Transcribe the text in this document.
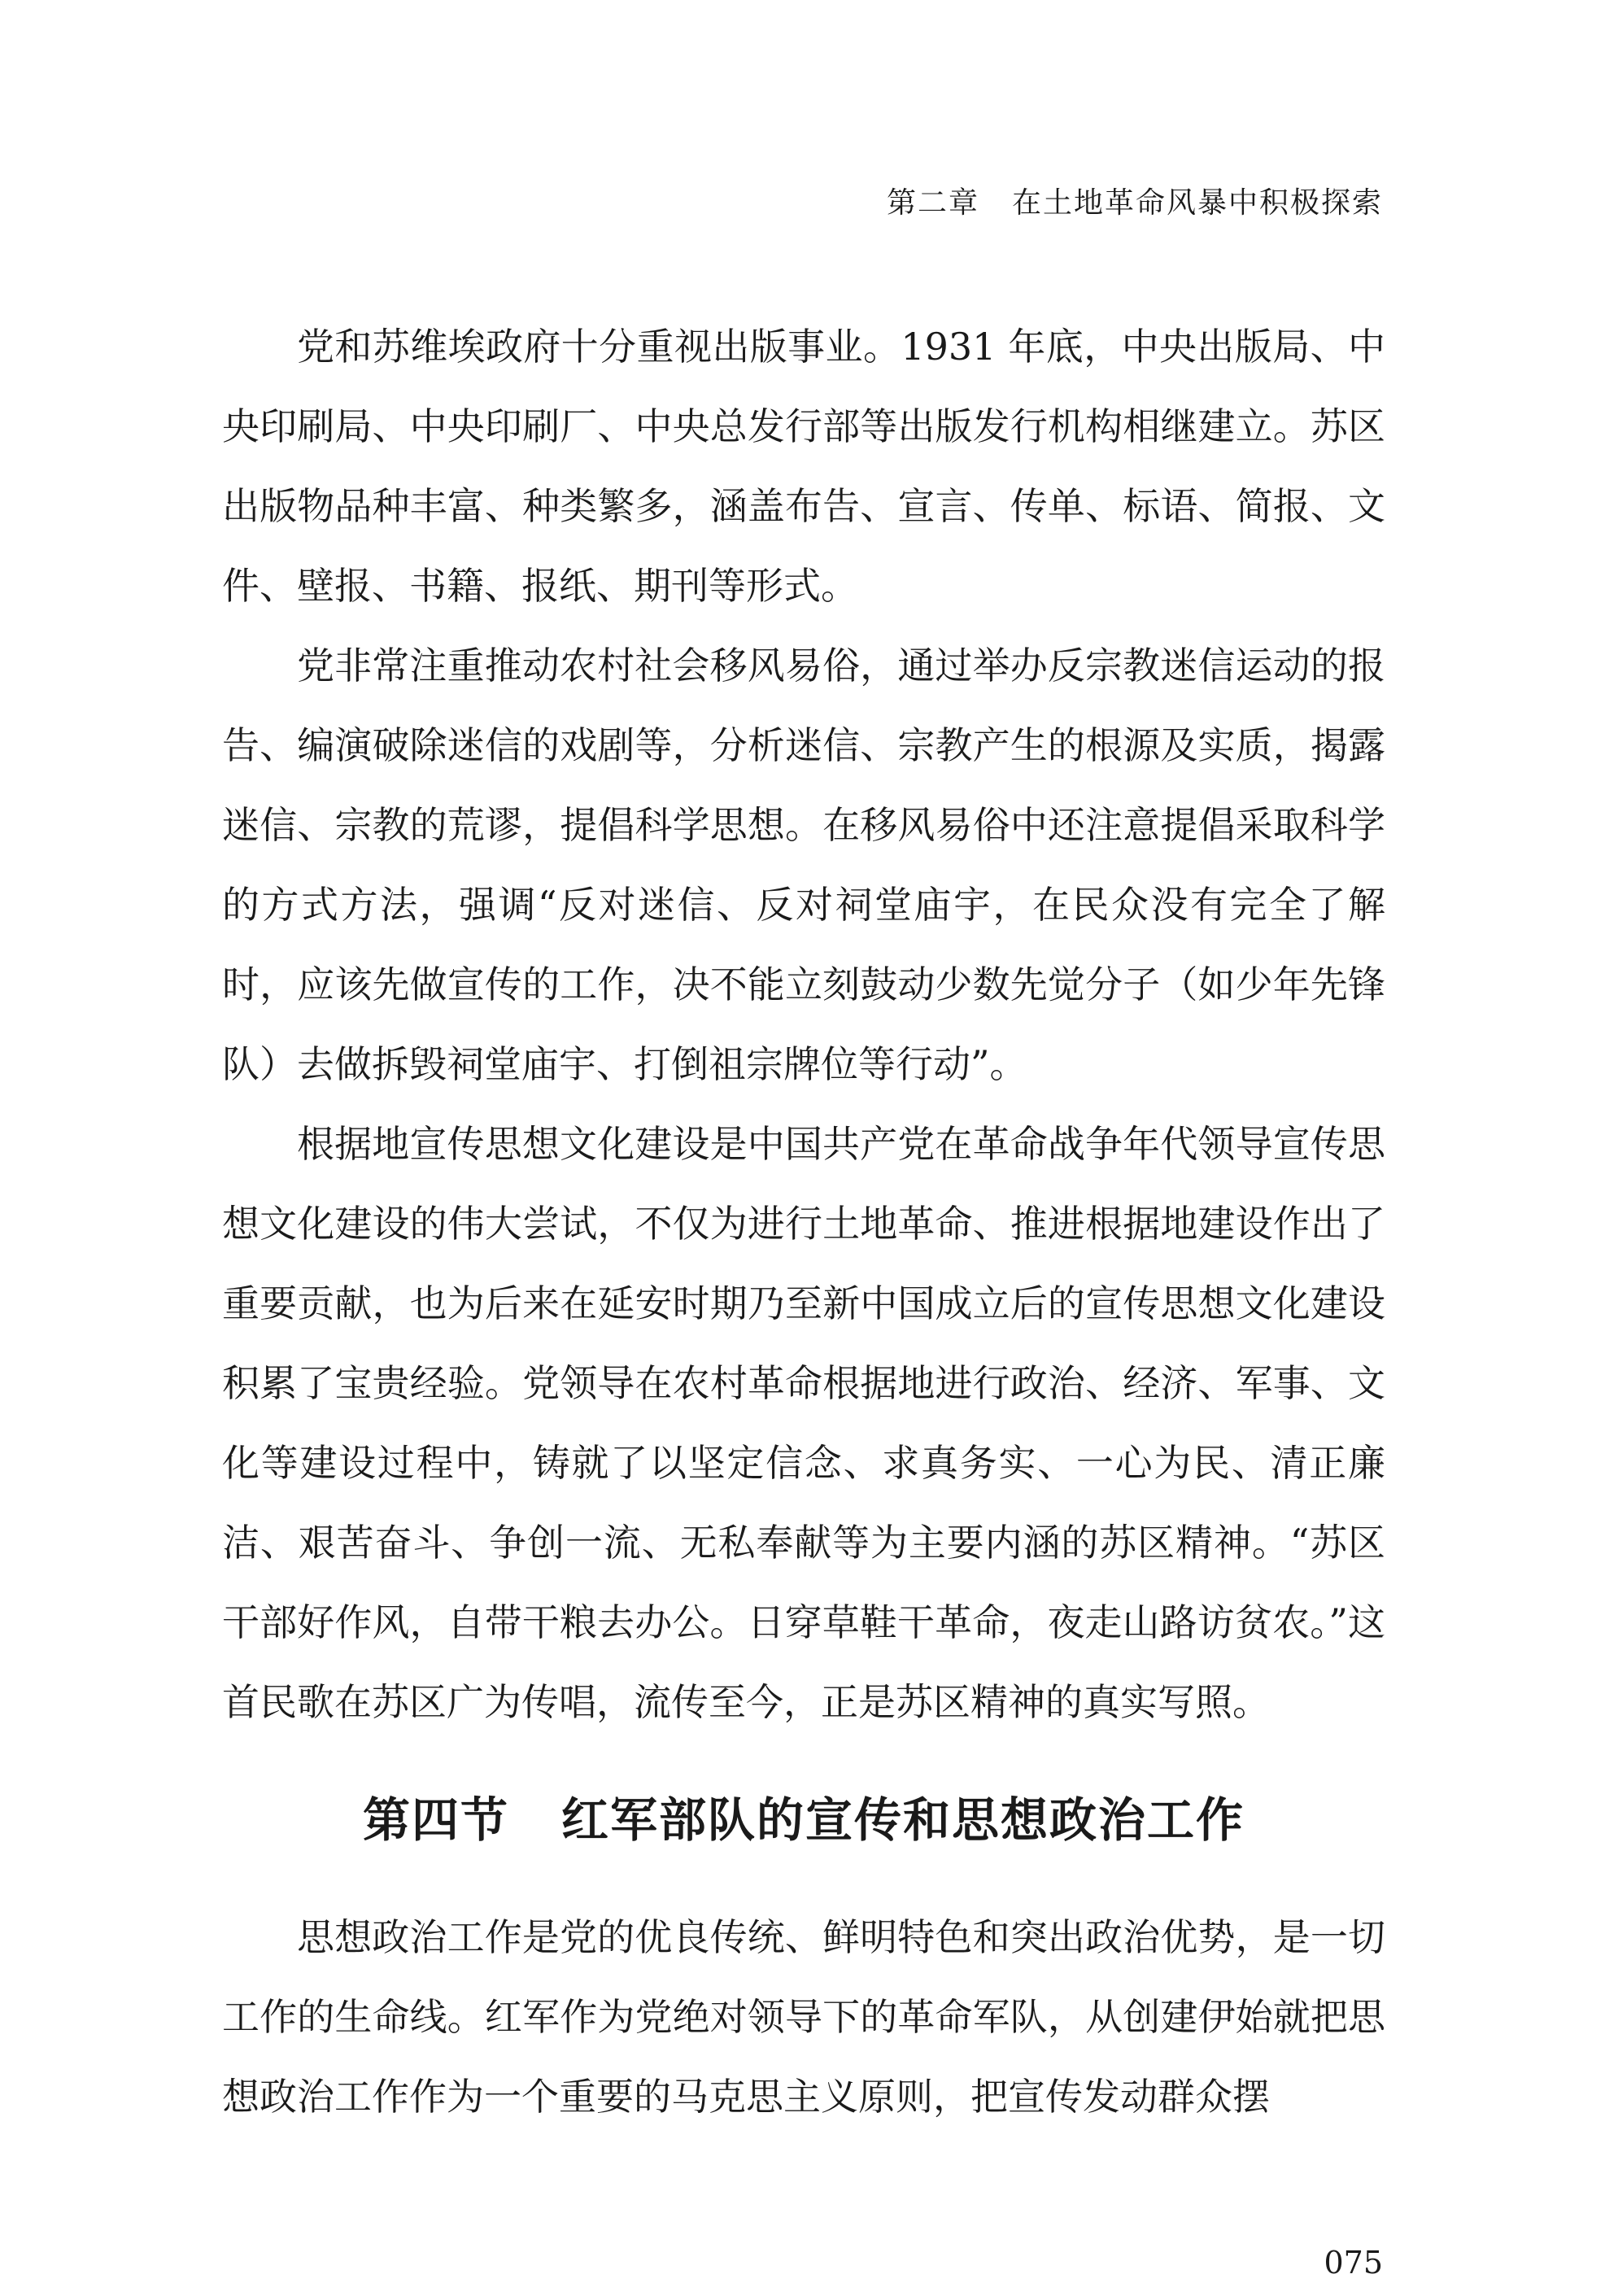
第二章 在土地革命风暴中积极探索

党和苏维埃政府十分重视出版事业。1931 年底，中央出版局、中央印刷局、中央印刷厂、中央总发行部等出版发行机构相继建立。苏区出版物品种丰富、种类繁多，涵盖布告、宣言、传单、标语、简报、文件、壁报、书籍、报纸、期刊等形式。

党非常注重推动农村社会移风易俗，通过举办反宗教迷信运动的报告、编演破除迷信的戏剧等，分析迷信、宗教产生的根源及实质，揭露迷信、宗教的荒谬，提倡科学思想。在移风易俗中还注意提倡采取科学的方式方法，强调“反对迷信、反对祠堂庙宇，在民众没有完全了解时，应该先做宣传的工作，决不能立刻鼓动少数先觉分子（如少年先锋队）去做拆毁祠堂庙宇、打倒祖宗牌位等行动”。

根据地宣传思想文化建设是中国共产党在革命战争年代领导宣传思想文化建设的伟大尝试，不仅为进行土地革命、推进根据地建设作出了重要贡献，也为后来在延安时期乃至新中国成立后的宣传思想文化建设积累了宝贵经验。党领导在农村革命根据地进行政治、经济、军事、文化等建设过程中，铸就了以坚定信念、求真务实、一心为民、清正廉洁、艰苦奋斗、争创一流、无私奉献等为主要内涵的苏区精神。“苏区干部好作风，自带干粮去办公。日穿草鞋干革命，夜走山路访贫农。”这首民歌在苏区广为传唱，流传至今，正是苏区精神的真实写照。

第四节 红军部队的宣传和思想政治工作

思想政治工作是党的优良传统、鲜明特色和突出政治优势，是一切工作的生命线。红军作为党绝对领导下的革命军队，从创建伊始就把思想政治工作作为一个重要的马克思主义原则，把宣传发动群众摆

075
